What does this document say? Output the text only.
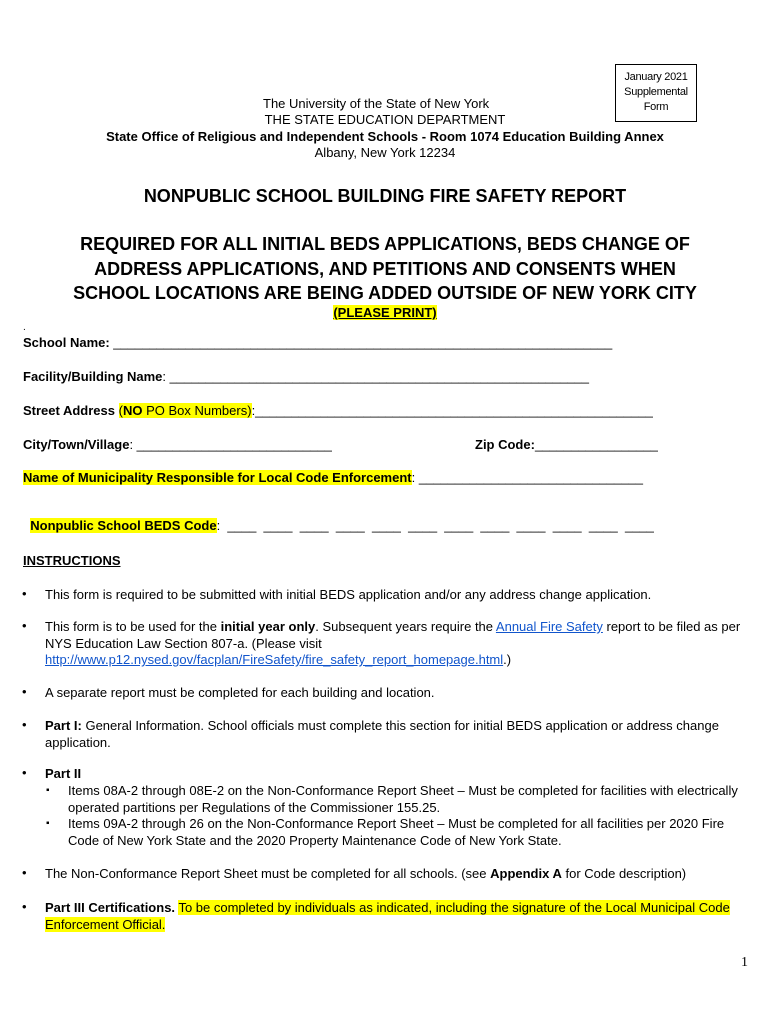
January 2021
Supplemental
Form
The University of the State of New York
THE STATE EDUCATION DEPARTMENT
State Office of Religious and Independent Schools - Room 1074 Education Building Annex
Albany, New York 12234
NONPUBLIC SCHOOL BUILDING FIRE SAFETY REPORT
REQUIRED FOR ALL INITIAL BEDS APPLICATIONS, BEDS CHANGE OF
ADDRESS APPLICATIONS, AND PETITIONS AND CONSENTS WHEN
SCHOOL LOCATIONS ARE BEING ADDED OUTSIDE OF NEW YORK CITY
(PLEASE PRINT)
.
School Name: _____________________________________________________________________
Facility/Building Name: __________________________________________________________
Street Address (NO PO Box Numbers):_______________________________________________________
City/Town/Village: ___________________________	Zip Code:_________________
Name of Municipality Responsible for Local Code Enforcement: _______________________________

Nonpublic School BEDS Code:  ____  ____  ____  ____  ____  ____  ____  ____  ____  ____  ____  ____

INSTRUCTIONS
• This form is required to be submitted with initial BEDS application and/or any address change application.
• This form is to be used for the initial year only. Subsequent years require the Annual Fire Safety report to be filed as per NYS Education Law Section 807-a. (Please visit http://www.p12.nysed.gov/facplan/FireSafety/fire_safety_report_homepage.html.)
• A separate report must be completed for each building and location.
• Part I: General Information. School officials must complete this section for initial BEDS application or address change application.
• Part II
▪ Items 08A-2 through 08E-2 on the Non-Conformance Report Sheet – Must be completed for facilities with electrically operated partitions per Regulations of the Commissioner 155.25.
▪ Items 09A-2 through 26 on the Non-Conformance Report Sheet – Must be completed for all facilities per 2020 Fire Code of New York State and the 2020 Property Maintenance Code of New York State.
• The Non-Conformance Report Sheet must be completed for all schools. (see Appendix A for Code description)
• Part III Certifications. To be completed by individuals as indicated, including the signature of the Local Municipal Code Enforcement Official.
1
